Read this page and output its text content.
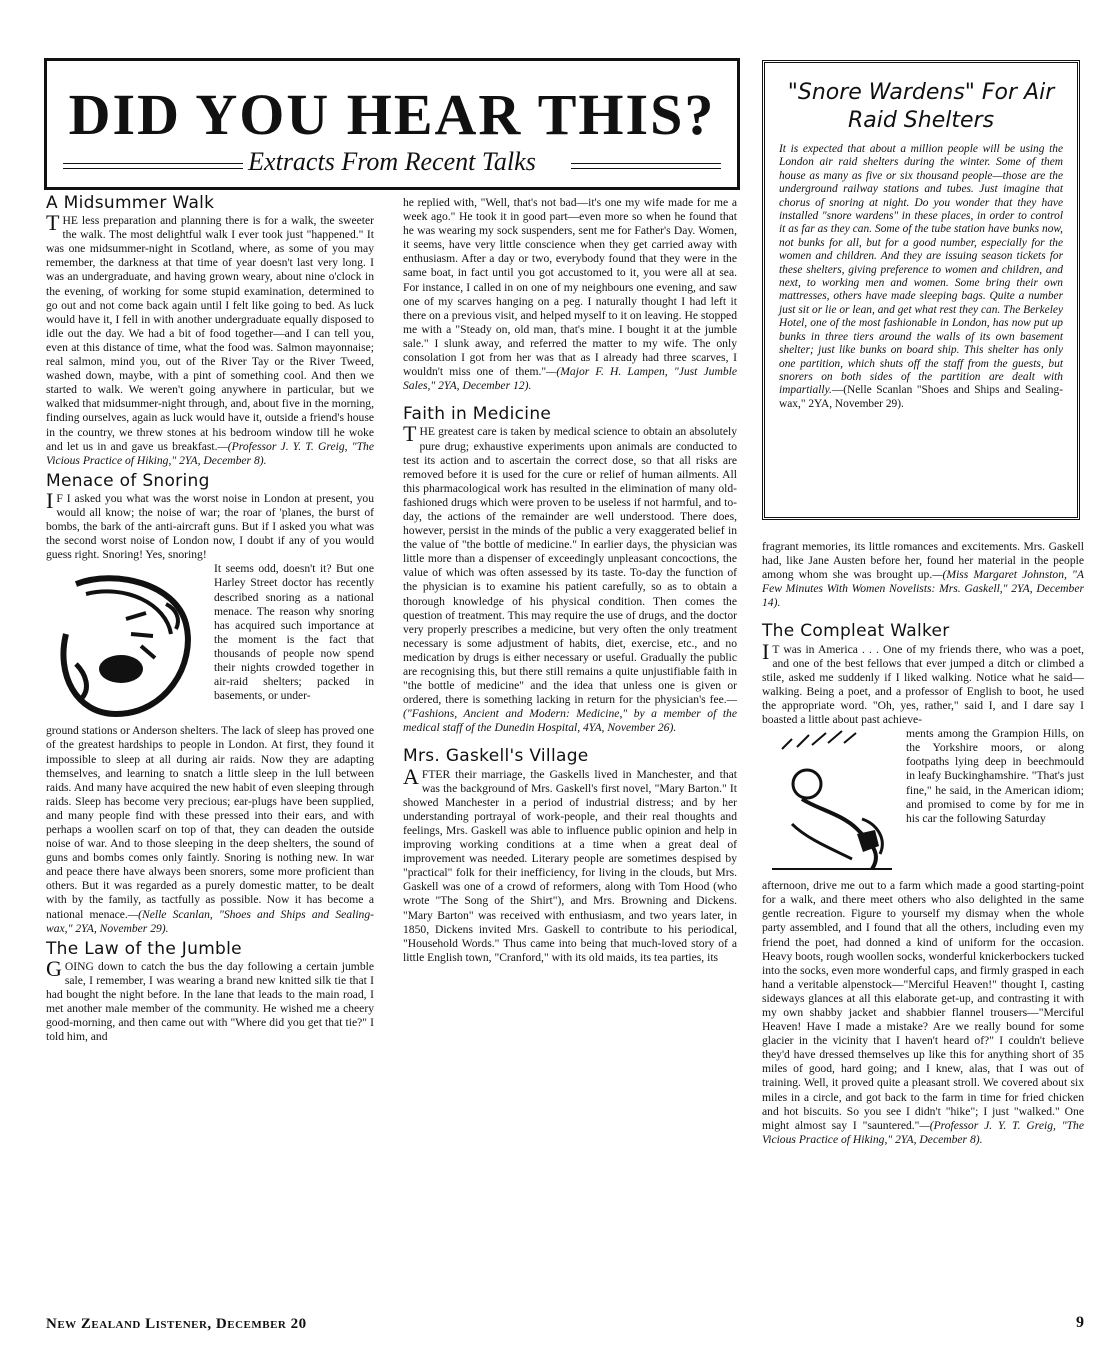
DID YOU HEAR THIS?
Extracts From Recent Talks
A Midsummer Walk

THE less preparation and planning there is for a walk, the sweeter the walk. The most delightful walk I ever took just "happened." It was one midsummer-night in Scotland, where, as some of you may remember, the darkness at that time of year doesn't last very long. I was an undergraduate, and having grown weary, about nine o'clock in the evening, of working for some stupid examination, determined to go out and not come back again until I felt like going to bed. As luck would have it, I fell in with another undergraduate equally disposed to idle out the day. We had a bit of food together—and I can tell you, even at this distance of time, what the food was. Salmon mayonnaise; real salmon, mind you, out of the River Tay or the River Tweed, washed down, maybe, with a pint of something cool. And then we started to walk. We weren't going anywhere in particular, but we walked that midsummer-night through, and, about five in the morning, finding ourselves, again as luck would have it, outside a friend's house in the country, we threw stones at his bedroom window till he woke and let us in and gave us breakfast.—(Professor J. Y. T. Greig, "The Vicious Practice of Hiking," 2YA, December 8).

Menace of Snoring

I F I asked you what was the worst noise in London at present, you would all know; the noise of war; the roar of 'planes, the burst of bombs, the bark of the anti-aircraft guns. But if I asked you what was the second worst noise of London now, I doubt if any of you would guess right. Snoring! Yes, snoring!

It seems odd, doesn't it? But one Harley Street doctor has recently described snoring as a national menace. The reason why snoring has acquired such importance at the moment is the fact that thousands of people now spend their nights crowded together in air-raid shelters; packed in basements, or under-

ground stations or Anderson shelters. The lack of sleep has proved one of the greatest hardships to people in London. At first, they found it impossible to sleep at all during air raids. Now they are adapting themselves, and learning to snatch a little sleep in the lull between raids. And many have acquired the new habit of even sleeping through raids. Sleep has become very precious; ear-plugs have been supplied, and many people find with these pressed into their ears, and with perhaps a woollen scarf on top of that, they can deaden the outside noise of war. And to those sleeping in the deep shelters, the sound of guns and bombs comes only faintly. Snoring is nothing new. In war and peace there have always been snorers, some more proficient than others. But it was regarded as a purely domestic matter, to be dealt with by the family, as tactfully as possible. Now it has become a national menace.—(Nelle Scanlan, "Shoes and Ships and Sealing-wax," 2YA, November 29).

The Law of the Jumble

GOING down to catch the bus the day following a certain jumble sale, I remember, I was wearing a brand new knitted silk tie that I had bought the night before. In the lane that leads to the main road, I met another male member of the community. He wished me a cheery good-morning, and then came out with "Where did you get that tie?" I told him, and

he replied with, "Well, that's not bad—it's one my wife made for me a week ago." He took it in good part—even more so when he found that he was wearing my sock suspenders, sent me for Father's Day. Women, it seems, have very little conscience when they get carried away with enthusiasm. After a day or two, everybody found that they were in the same boat, in fact until you got accustomed to it, you were all at sea. For instance, I called in on one of my neighbours one evening, and saw one of my scarves hanging on a peg. I naturally thought I had left it there on a previous visit, and helped myself to it on leaving. He stopped me with a "Steady on, old man, that's mine. I bought it at the jumble sale." I slunk away, and referred the matter to my wife. The only consolation I got from her was that as I already had three scarves, I wouldn't miss one of them."—(Major F. H. Lampen, "Just Jumble Sales," 2YA, December 12).

Faith in Medicine

THE greatest care is taken by medical science to obtain an absolutely pure drug; exhaustive experiments upon animals are conducted to test its action and to ascertain the correct dose, so that all risks are removed before it is used for the cure or relief of human ailments. All this pharmacological work has resulted in the elimination of many old-fashioned drugs which were proven to be useless if not harmful, and to-day, the actions of the remainder are well understood. There does, however, persist in the minds of the public a very exaggerated belief in the value of "the bottle of medicine." In earlier days, the physician was little more than a dispenser of exceedingly unpleasant concoctions, the value of which was often assessed by its taste. To-day the function of the physician is to examine his patient carefully, so as to obtain a thorough knowledge of his physical condition. Then comes the question of treatment. This may require the use of drugs, and the doctor very properly prescribes a medicine, but very often the only treatment necessary is some adjustment of habits, diet, exercise, etc., and no medication by drugs is either necessary or useful. Gradually the public are recognising this, but there still remains a quite unjustifiable faith in "the bottle of medicine" and the idea that unless one is given or ordered, there is something lacking in return for the physician's fee.—("Fashions, Ancient and Modern: Medicine," by a member of the medical staff of the Dunedin Hospital, 4YA, November 26).

Mrs. Gaskell's Village

AFTER their marriage, the Gaskells lived in Manchester, and that was the background of Mrs. Gaskell's first novel, "Mary Barton." It showed Manchester in a period of industrial distress; and by her understanding portrayal of work-people, and their real thoughts and feelings, Mrs. Gaskell was able to influence public opinion and help in improving working conditions at a time when a great deal of improvement was needed. Literary people are sometimes despised by "practical" folk for their inefficiency, for living in the clouds, but Mrs. Gaskell was one of a crowd of reformers, along with Tom Hood (who wrote "The Song of the Shirt"), and Mrs. Browning and Dickens. "Mary Barton" was received with enthusiasm, and two years later, in 1850, Dickens invited Mrs. Gaskell to contribute to his periodical, "Household Words." Thus came into being that much-loved story of a little English town, "Cranford," with its old maids, its tea parties, its

"Snore Wardens" For Air Raid Shelters
It is expected that about a million people will be using the London air raid shelters during the winter. Some of them house as many as five or six thousand people—those are the underground railway stations and tubes. Just imagine that chorus of snoring at night. Do you wonder that they have installed "snore wardens" in these places, in order to control it as far as they can. Some of the tube station have bunks now, not bunks for all, but for a good number, especially for the women and children. And they are issuing season tickets for these shelters, giving preference to women and children, and next, to working men and women. Some bring their own mattresses, others have made sleeping bags. Quite a number just sit or lie or lean, and get what rest they can. The Berkeley Hotel, one of the most fashionable in London, has now put up bunks in three tiers around the walls of its own basement shelter; just like bunks on board ship. This shelter has only one partition, which shuts off the staff from the guests, but snorers on both sides of the partition are dealt with impartially.—(Nelle Scanlan "Shoes and Ships and Sealing-wax," 2YA, November 29).

fragrant memories, its little romances and excitements. Mrs. Gaskell had, like Jane Austen before her, found her material in the people among whom she was brought up.—(Miss Margaret Johnston, "A Few Minutes With Women Novelists: Mrs. Gaskell," 2YA, December 14).

The Compleat Walker

I T was in America . . . One of my friends there, who was a poet, and one of the best fellows that ever jumped a ditch or climbed a stile, asked me suddenly if I liked walking. Notice what he said—walking. Being a poet, and a professor of English to boot, he used the appropriate word. "Oh, yes, rather," said I, and I dare say I boasted a little about past achieve-

ments among the Grampion Hills, on the Yorkshire moors, or along footpaths lying deep in beechmould in leafy Buckinghamshire. "That's just fine," he said, in the American idiom; and promised to come by for me in his car the following Saturday

afternoon, drive me out to a farm which made a good starting-point for a walk, and there meet others who also delighted in the same gentle recreation. Figure to yourself my dismay when the whole party assembled, and I found that all the others, including even my friend the poet, had donned a kind of uniform for the occasion. Heavy boots, rough woollen socks, wonderful knickerbockers tucked into the socks, even more wonderful caps, and firmly grasped in each hand a veritable alpenstock—"Merciful Heaven!" thought I, casting sideways glances at all this elaborate get-up, and contrasting it with my own shabby jacket and shabbier flannel trousers—"Merciful Heaven! Have I made a mistake? Are we really bound for some glacier in the vicinity that I haven't heard of?" I couldn't believe they'd have dressed themselves up like this for anything short of 35 miles of good, hard going; and I knew, alas, that I was out of training. Well, it proved quite a pleasant stroll. We covered about six miles in a circle, and got back to the farm in time for fried chicken and hot biscuits. So you see I didn't "hike"; I just "walked." One might almost say I "sauntered."—(Professor J. Y. T. Greig, "The Vicious Practice of Hiking," 2YA, December 8).

New Zealand Listener, December 20	9
